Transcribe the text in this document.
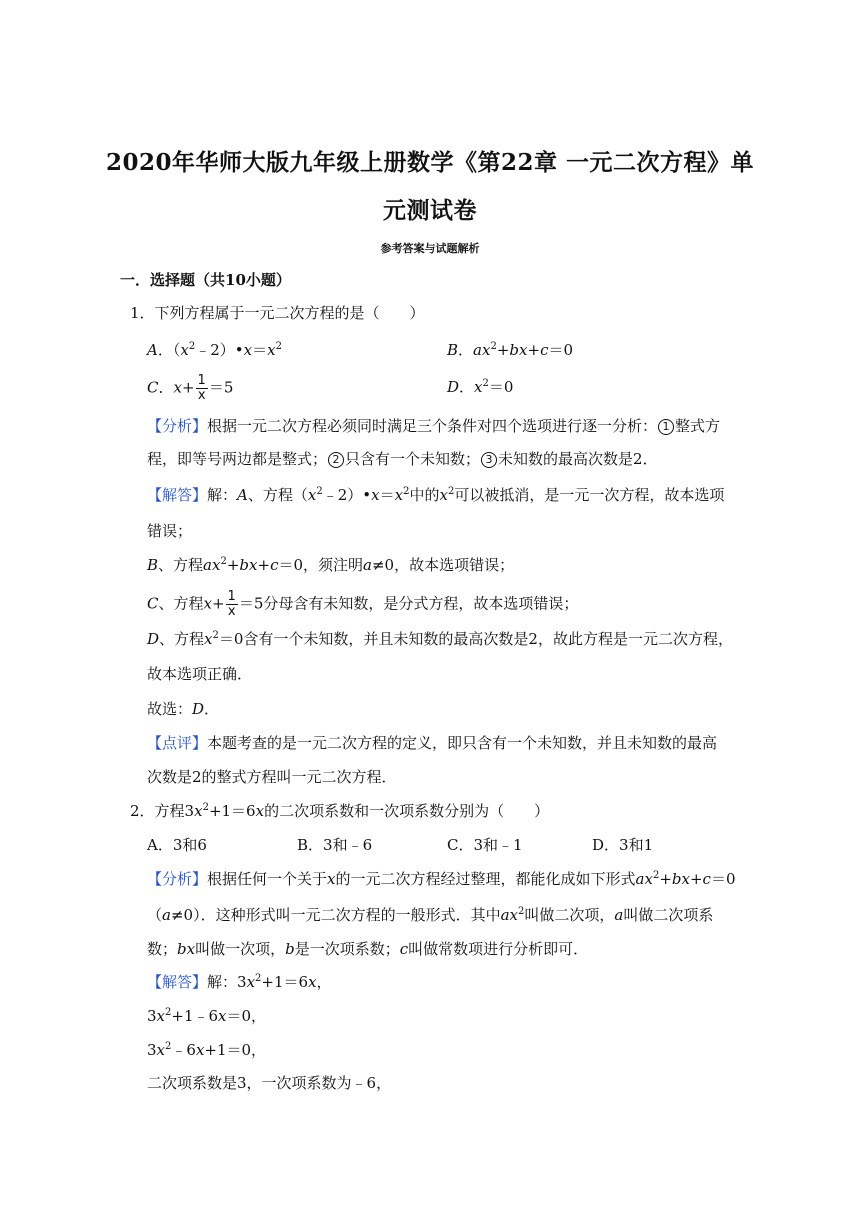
2020年华师大版九年级上册数学《第22章 一元二次方程》单
元测试卷
参考答案与试题解析
一．选择题（共10小题）
1．下列方程属于一元二次方程的是（　　）
A．$(x^2﹣2)•x=x^2$	B．$ax^2+bx+c=0$
C．$x+ \frac{1}{x} =5$	D．$x^2=0$
【分析】根据一元二次方程必须同时满足三个条件对四个选项进行逐一分析： 1 整式方
程，即等号两边都是整式； 2 只含有一个未知数； 3 未知数的最高次数是2．
【解答】解：A、方程$(x^2﹣2)•x=x^2$中的$x^2$可以被抵消，是一元一次方程，故本选项
错误；
B、方程$ax^2+bx+c=0$，须注明a≠0，故本选项错误；
C、方程$x+ \frac{1}{x} =5$分母含有未知数，是分式方程，故本选项错误；
D、方程$x^2=0$含有一个未知数，并且未知数的最高次数是2，故此方程是一元二次方程，
故本选项正确．
故选：D．
【点评】本题考查的是一元二次方程的定义，即只含有一个未知数，并且未知数的最高
次数是2的整式方程叫一元二次方程．
2．方程$3x^2+1=6x$的二次项系数和一次项系数分别为（　　）
A．3和6	B．3和﹣6	C．3和﹣1	D．3和1
【分析】根据任何一个关于x的一元二次方程经过整理，都能化成如下形式$ax^2+bx+c=0$
（a≠0）．这种形式叫一元二次方程的一般形式．其中$ax^2$叫做二次项，a叫做二次项系
数；bx叫做一次项，b是一次项系数；c叫做常数项进行分析即可．
【解答】解：$3x^2+1=6x$，
$3x^2+1﹣6x=0$，
$3x^2﹣6x+1=0$，
二次项系数是3，一次项系数为﹣6，
